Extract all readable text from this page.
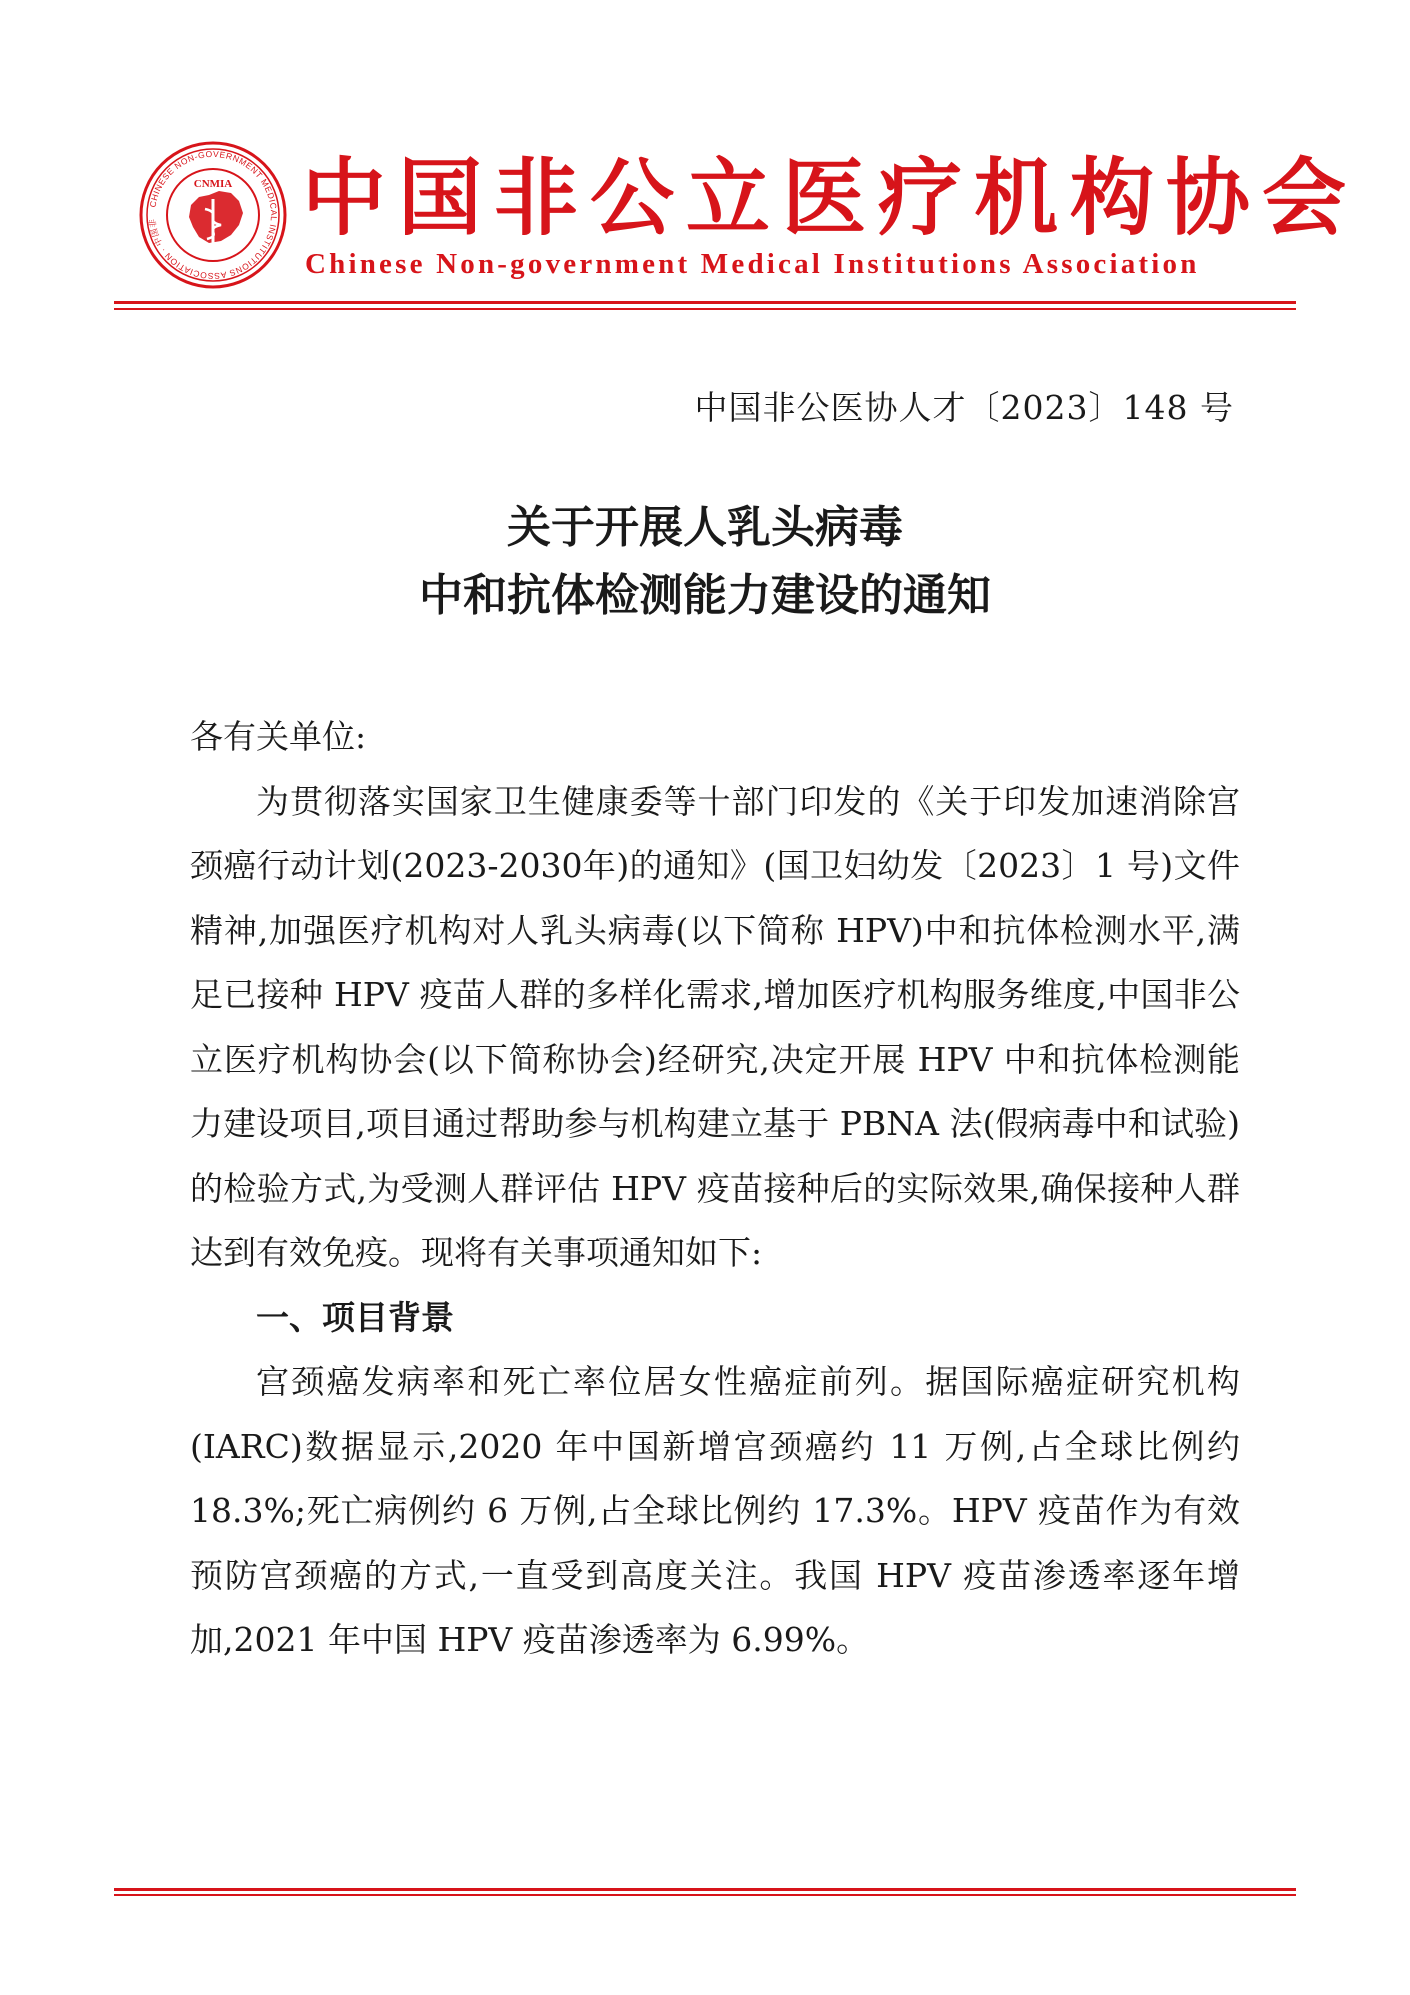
CHINESE NON-GOVERNMENT MEDICAL INSTITUTIONS ASSOCIATION · 中国非
CNMIA 中国非公立医疗机构协会
Chinese Non-government Medical Institutions Association
中国非公医协人才〔2023〕148 号
关于开展人乳头病毒
中和抗体检测能力建设的通知

各有关单位:

为贯彻落实国家卫生健康委等十部门印发的《关于印发加速消除宫颈癌行动计划(2023-2030年)的通知》(国卫妇幼发〔2023〕1 号)文件精神,加强医疗机构对人乳头病毒(以下简称 HPV)中和抗体检测水平,满足已接种 HPV 疫苗人群的多样化需求,增加医疗机构服务维度,中国非公立医疗机构协会(以下简称协会)经研究,决定开展 HPV 中和抗体检测能力建设项目,项目通过帮助参与机构建立基于 PBNA 法(假病毒中和试验)的检验方式,为受测人群评估 HPV 疫苗接种后的实际效果,确保接种人群达到有效免疫。现将有关事项通知如下:

一、项目背景

宫颈癌发病率和死亡率位居女性癌症前列。据国际癌症研究机构(IARC)数据显示,2020 年中国新增宫颈癌约 11 万例,占全球比例约 18.3%;死亡病例约 6 万例,占全球比例约 17.3%。HPV 疫苗作为有效预防宫颈癌的方式,一直受到高度关注。我国 HPV 疫苗渗透率逐年增加,2021 年中国 HPV 疫苗渗透率为 6.99%。
